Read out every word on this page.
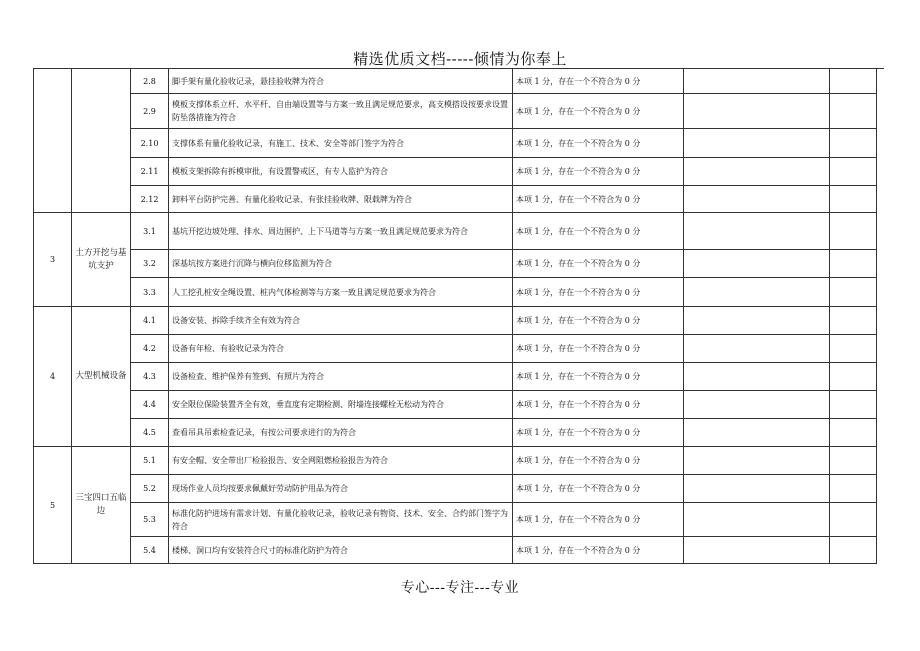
精选优质文档-----倾情为你奉上
		2.8	脚手架有量化验收记录，悬挂验收牌为符合	本项 1 分，存在一个不符合为 0 分		
		2.9	模板支撑体系立杆、水平杆、自由端设置等与方案一致且满足规范要求，高支模搭设按要求设置防坠落措施为符合	本项 1 分，存在一个不符合为 0 分		
		2.10	支撑体系有量化验收记录，有施工、技术、安全等部门签字为符合	本项 1 分，存在一个不符合为 0 分		
		2.11	模板支架拆除有拆模审批，有设置警戒区，有专人监护为符合	本项 1 分，存在一个不符合为 0 分		
		2.12	卸料平台防护完善、有量化验收记录、有张挂验收牌、限载牌为符合	本项 1 分，存在一个不符合为 0 分		
3	土方开挖与基坑支护	3.1	基坑开挖边坡处理、排水、周边围护、上下马道等与方案一致且满足规范要求为符合	本项 1 分，存在一个不符合为 0 分		
		3.2	深基坑按方案进行沉降与横向位移监测为符合	本项 1 分，存在一个不符合为 0 分		
		3.3	人工挖孔桩安全绳设置、桩内气体检测等与方案一致且满足规范要求为符合	本项 1 分，存在一个不符合为 0 分		
4	大型机械设备	4.1	设备安装、拆除手续齐全有效为符合	本项 1 分，存在一个不符合为 0 分		
		4.2	设备有年检、有验收记录为符合	本项 1 分，存在一个不符合为 0 分		
		4.3	设备检查、维护保养有签到、有照片为符合	本项 1 分，存在一个不符合为 0 分		
		4.4	安全限位保险装置齐全有效，垂直度有定期检测、附墙连接螺栓无松动为符合	本项 1 分，存在一个不符合为 0 分		
		4.5	查看吊具吊索检查记录，有按公司要求进行的为符合	本项 1 分，存在一个不符合为 0 分		
5	三宝四口五临边	5.1	有安全帽、安全带出厂检验报告、安全网阻燃检验报告为符合	本项 1 分，存在一个不符合为 0 分		
		5.2	现场作业人员均按要求佩戴好劳动防护用品为符合	本项 1 分，存在一个不符合为 0 分		
		5.3	标准化防护进场有需求计划、有量化验收记录，验收记录有物资、技术、安全、合约部门签字为符合	本项 1 分，存在一个不符合为 0 分		
		5.4	楼梯、洞口均有安装符合尺寸的标准化防护为符合	本项 1 分，存在一个不符合为 0 分		
专心---专注---专业
